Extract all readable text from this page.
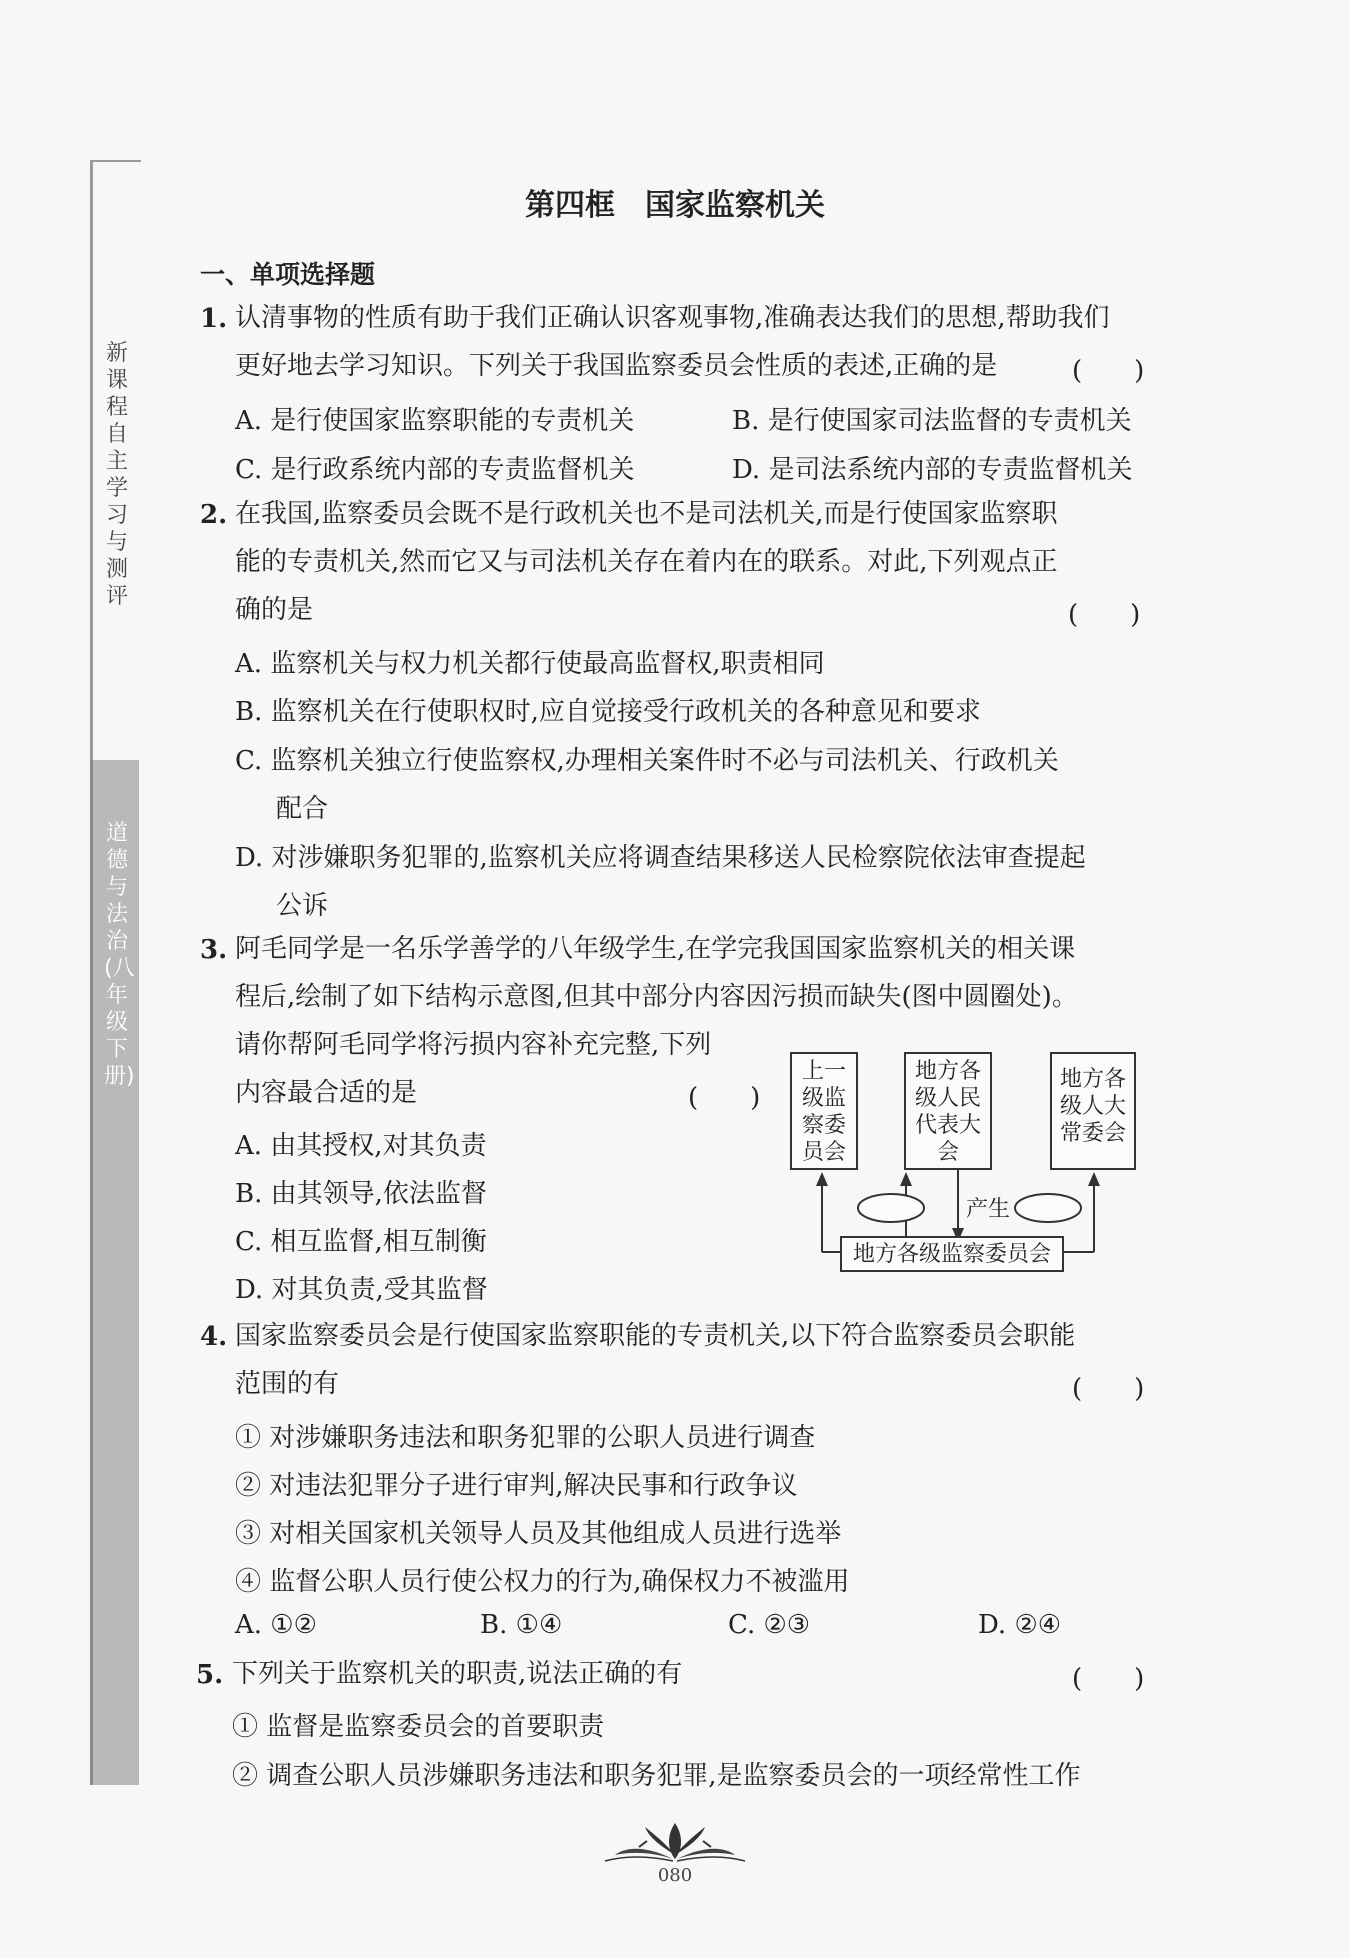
新课程自主学习与测评
道德与法治(八年级下册)
第四框　国家监察机关
一、单项选择题
1. 认清事物的性质有助于我们正确认识客观事物,准确表达我们的思想,帮助我们
更好地去学习知识。下列关于我国监察委员会性质的表述,正确的是	(　　)
A. 是行使国家监察职能的专责机关	B. 是行使国家司法监督的专责机关
C. 是行政系统内部的专责监督机关	D. 是司法系统内部的专责监督机关
2. 在我国,监察委员会既不是行政机关也不是司法机关,而是行使国家监察职
能的专责机关,然而它又与司法机关存在着内在的联系。对此,下列观点正
确的是	(　　)
A. 监察机关与权力机关都行使最高监督权,职责相同
B. 监察机关在行使职权时,应自觉接受行政机关的各种意见和要求
C. 监察机关独立行使监察权,办理相关案件时不必与司法机关、行政机关
配合
D. 对涉嫌职务犯罪的,监察机关应将调查结果移送人民检察院依法审查提起
公诉
3. 阿毛同学是一名乐学善学的八年级学生,在学完我国国家监察机关的相关课
程后,绘制了如下结构示意图,但其中部分内容因污损而缺失(图中圆圈处)。
请你帮阿毛同学将污损内容补充完整,下列
内容最合适的是	(　　)
A. 由其授权,对其负责
B. 由其领导,依法监督
C. 相互监督,相互制衡
D. 对其负责,受其监督
上一级监察委员会
地方各级人民代表大会
地方各级人大常委会
产生
地方各级监察委员会
4. 国家监察委员会是行使国家监察职能的专责机关,以下符合监察委员会职能
范围的有	(　　)
① 对涉嫌职务违法和职务犯罪的公职人员进行调查
② 对违法犯罪分子进行审判,解决民事和行政争议
③ 对相关国家机关领导人员及其他组成人员进行选举
④ 监督公职人员行使公权力的行为,确保权力不被滥用
A. ①②	B. ①④	C. ②③	D. ②④
5. 下列关于监察机关的职责,说法正确的有	(　　)
① 监督是监察委员会的首要职责
② 调查公职人员涉嫌职务违法和职务犯罪,是监察委员会的一项经常性工作
080
